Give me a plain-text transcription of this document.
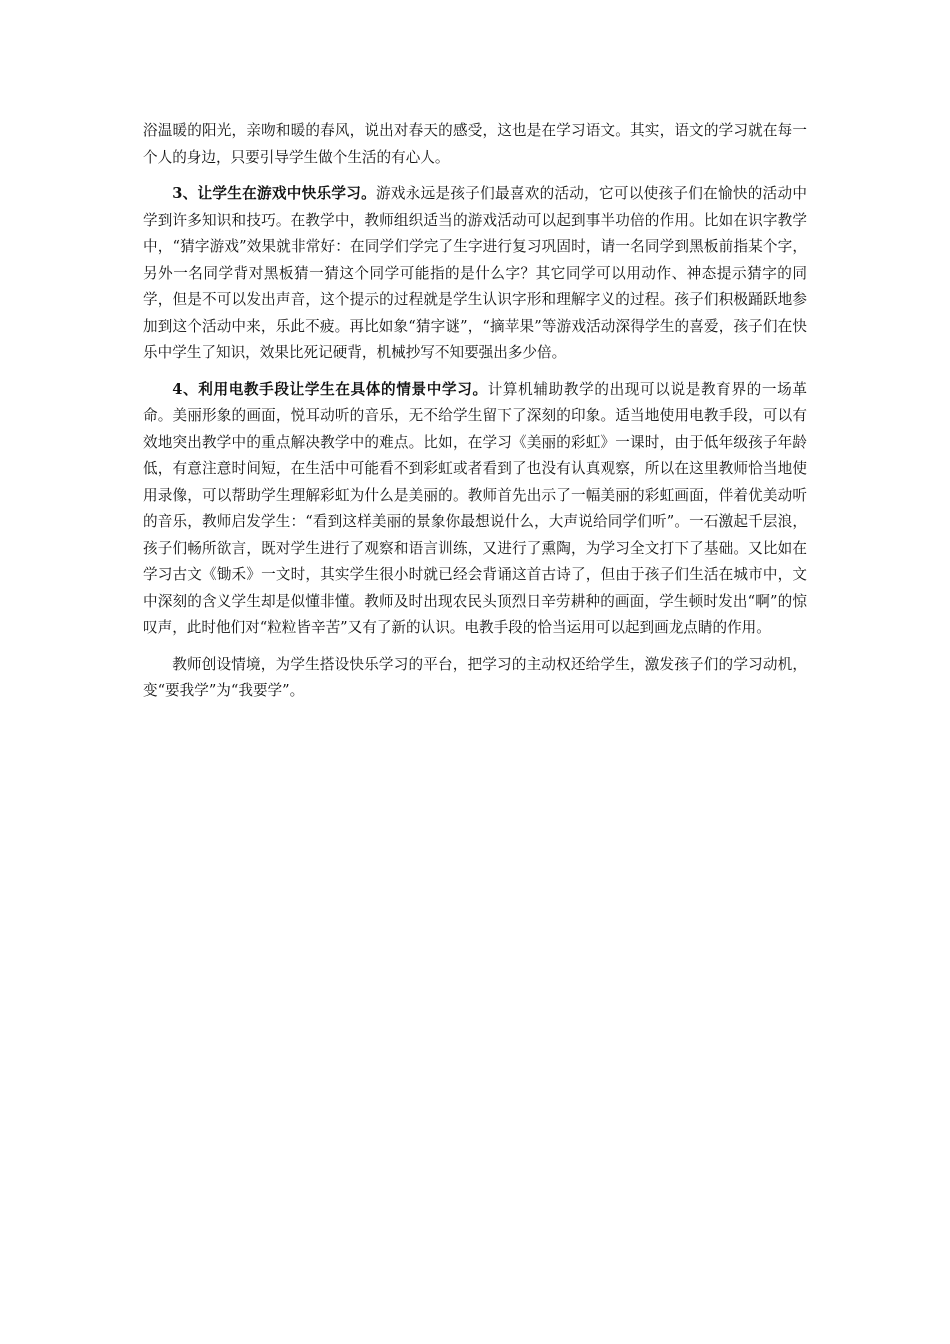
浴温暖的阳光，亲吻和暖的春风，说出对春天的感受，这也是在学习语文。其实，语文的学习就在每一个人的身边，只要引导学生做个生活的有心人。

3、让学生在游戏中快乐学习。游戏永远是孩子们最喜欢的活动，它可以使孩子们在愉快的活动中学到许多知识和技巧。在教学中，教师组织适当的游戏活动可以起到事半功倍的作用。比如在识字教学中，“猜字游戏”效果就非常好：在同学们学完了生字进行复习巩固时，请一名同学到黑板前指某个字，另外一名同学背对黑板猜一猜这个同学可能指的是什么字？其它同学可以用动作、神态提示猜字的同学，但是不可以发出声音，这个提示的过程就是学生认识字形和理解字义的过程。孩子们积极踊跃地参加到这个活动中来，乐此不疲。再比如象“猜字谜”，“摘苹果”等游戏活动深得学生的喜爱，孩子们在快乐中学生了知识，效果比死记硬背，机械抄写不知要强出多少倍。

4、利用电教手段让学生在具体的情景中学习。计算机辅助教学的出现可以说是教育界的一场革命。美丽形象的画面，悦耳动听的音乐，无不给学生留下了深刻的印象。适当地使用电教手段，可以有效地突出教学中的重点解决教学中的难点。比如，在学习《美丽的彩虹》一课时，由于低年级孩子年龄低，有意注意时间短，在生活中可能看不到彩虹或者看到了也没有认真观察，所以在这里教师恰当地使用录像，可以帮助学生理解彩虹为什么是美丽的。教师首先出示了一幅美丽的彩虹画面，伴着优美动听的音乐，教师启发学生：“看到这样美丽的景象你最想说什么，大声说给同学们听”。一石激起千层浪，孩子们畅所欲言，既对学生进行了观察和语言训练，又进行了熏陶，为学习全文打下了基础。又比如在学习古文《锄禾》一文时，其实学生很小时就已经会背诵这首古诗了，但由于孩子们生活在城市中，文中深刻的含义学生却是似懂非懂。教师及时出现农民头顶烈日辛劳耕种的画面，学生顿时发出“啊”的惊叹声，此时他们对“粒粒皆辛苦”又有了新的认识。电教手段的恰当运用可以起到画龙点睛的作用。

教师创设情境，为学生搭设快乐学习的平台，把学习的主动权还给学生，激发孩子们的学习动机，变“要我学”为“我要学”。
